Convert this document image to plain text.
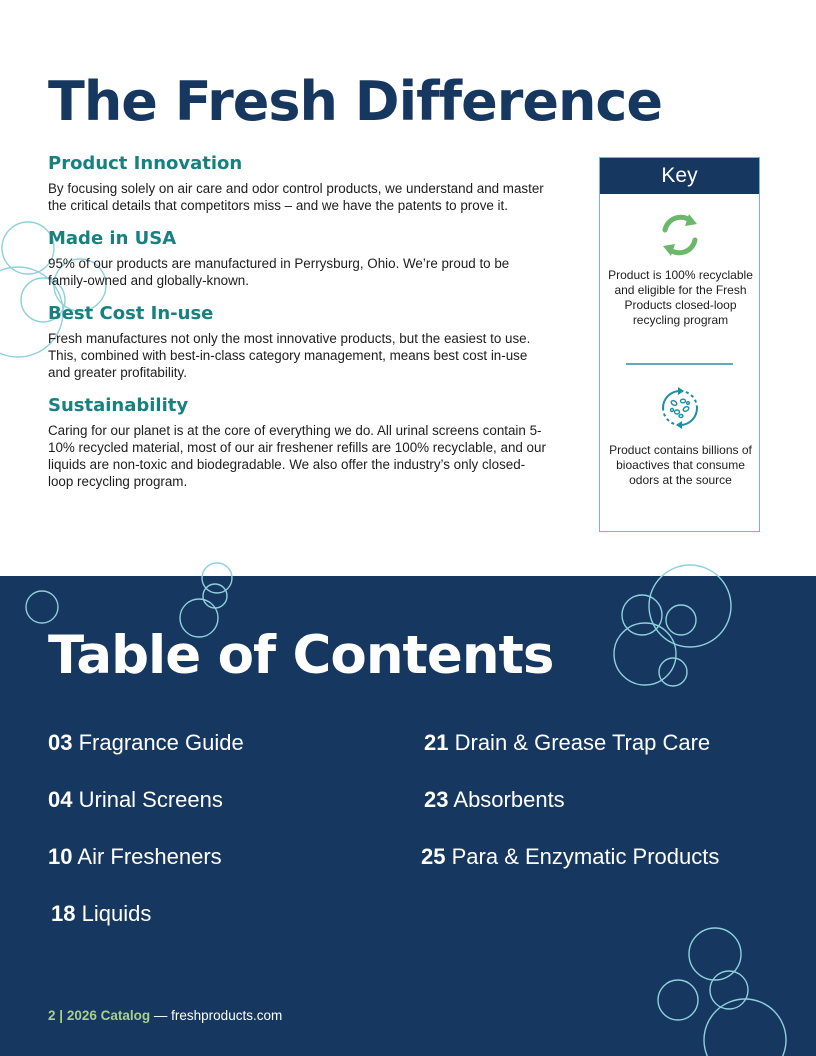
The Fresh Difference
Product Innovation

By focusing solely on air care and odor control products, we understand and master the critical details that competitors miss – and we have the patents to prove it.

Made in USA

95% of our products are manufactured in Perrysburg, Ohio. We’re proud to be family-owned and globally-known.

Best Cost In-use

Fresh manufactures not only the most innovative products, but the easiest to use. This, combined with best-in-class category management, means best cost in-use and greater profitability.

Sustainability

Caring for our planet is at the core of everything we do. All urinal screens contain 5-10% recycled material, most of our air freshener refills are 100% recyclable, and our liquids are non-toxic and biodegradable. We also offer the industry’s only closed-loop recycling program.

Key
Product is 100% recyclable and eligible for the Fresh Products closed-loop recycling program
Product contains billions of bioactives that consume odors at the source
Table of Contents
03 Fragrance Guide
04 Urinal Screens
10 Air Fresheners
18 Liquids
21 Drain & Grease Trap Care
23 Absorbents
25 Para & Enzymatic Products
2 | 2026 Catalog — freshproducts.com
